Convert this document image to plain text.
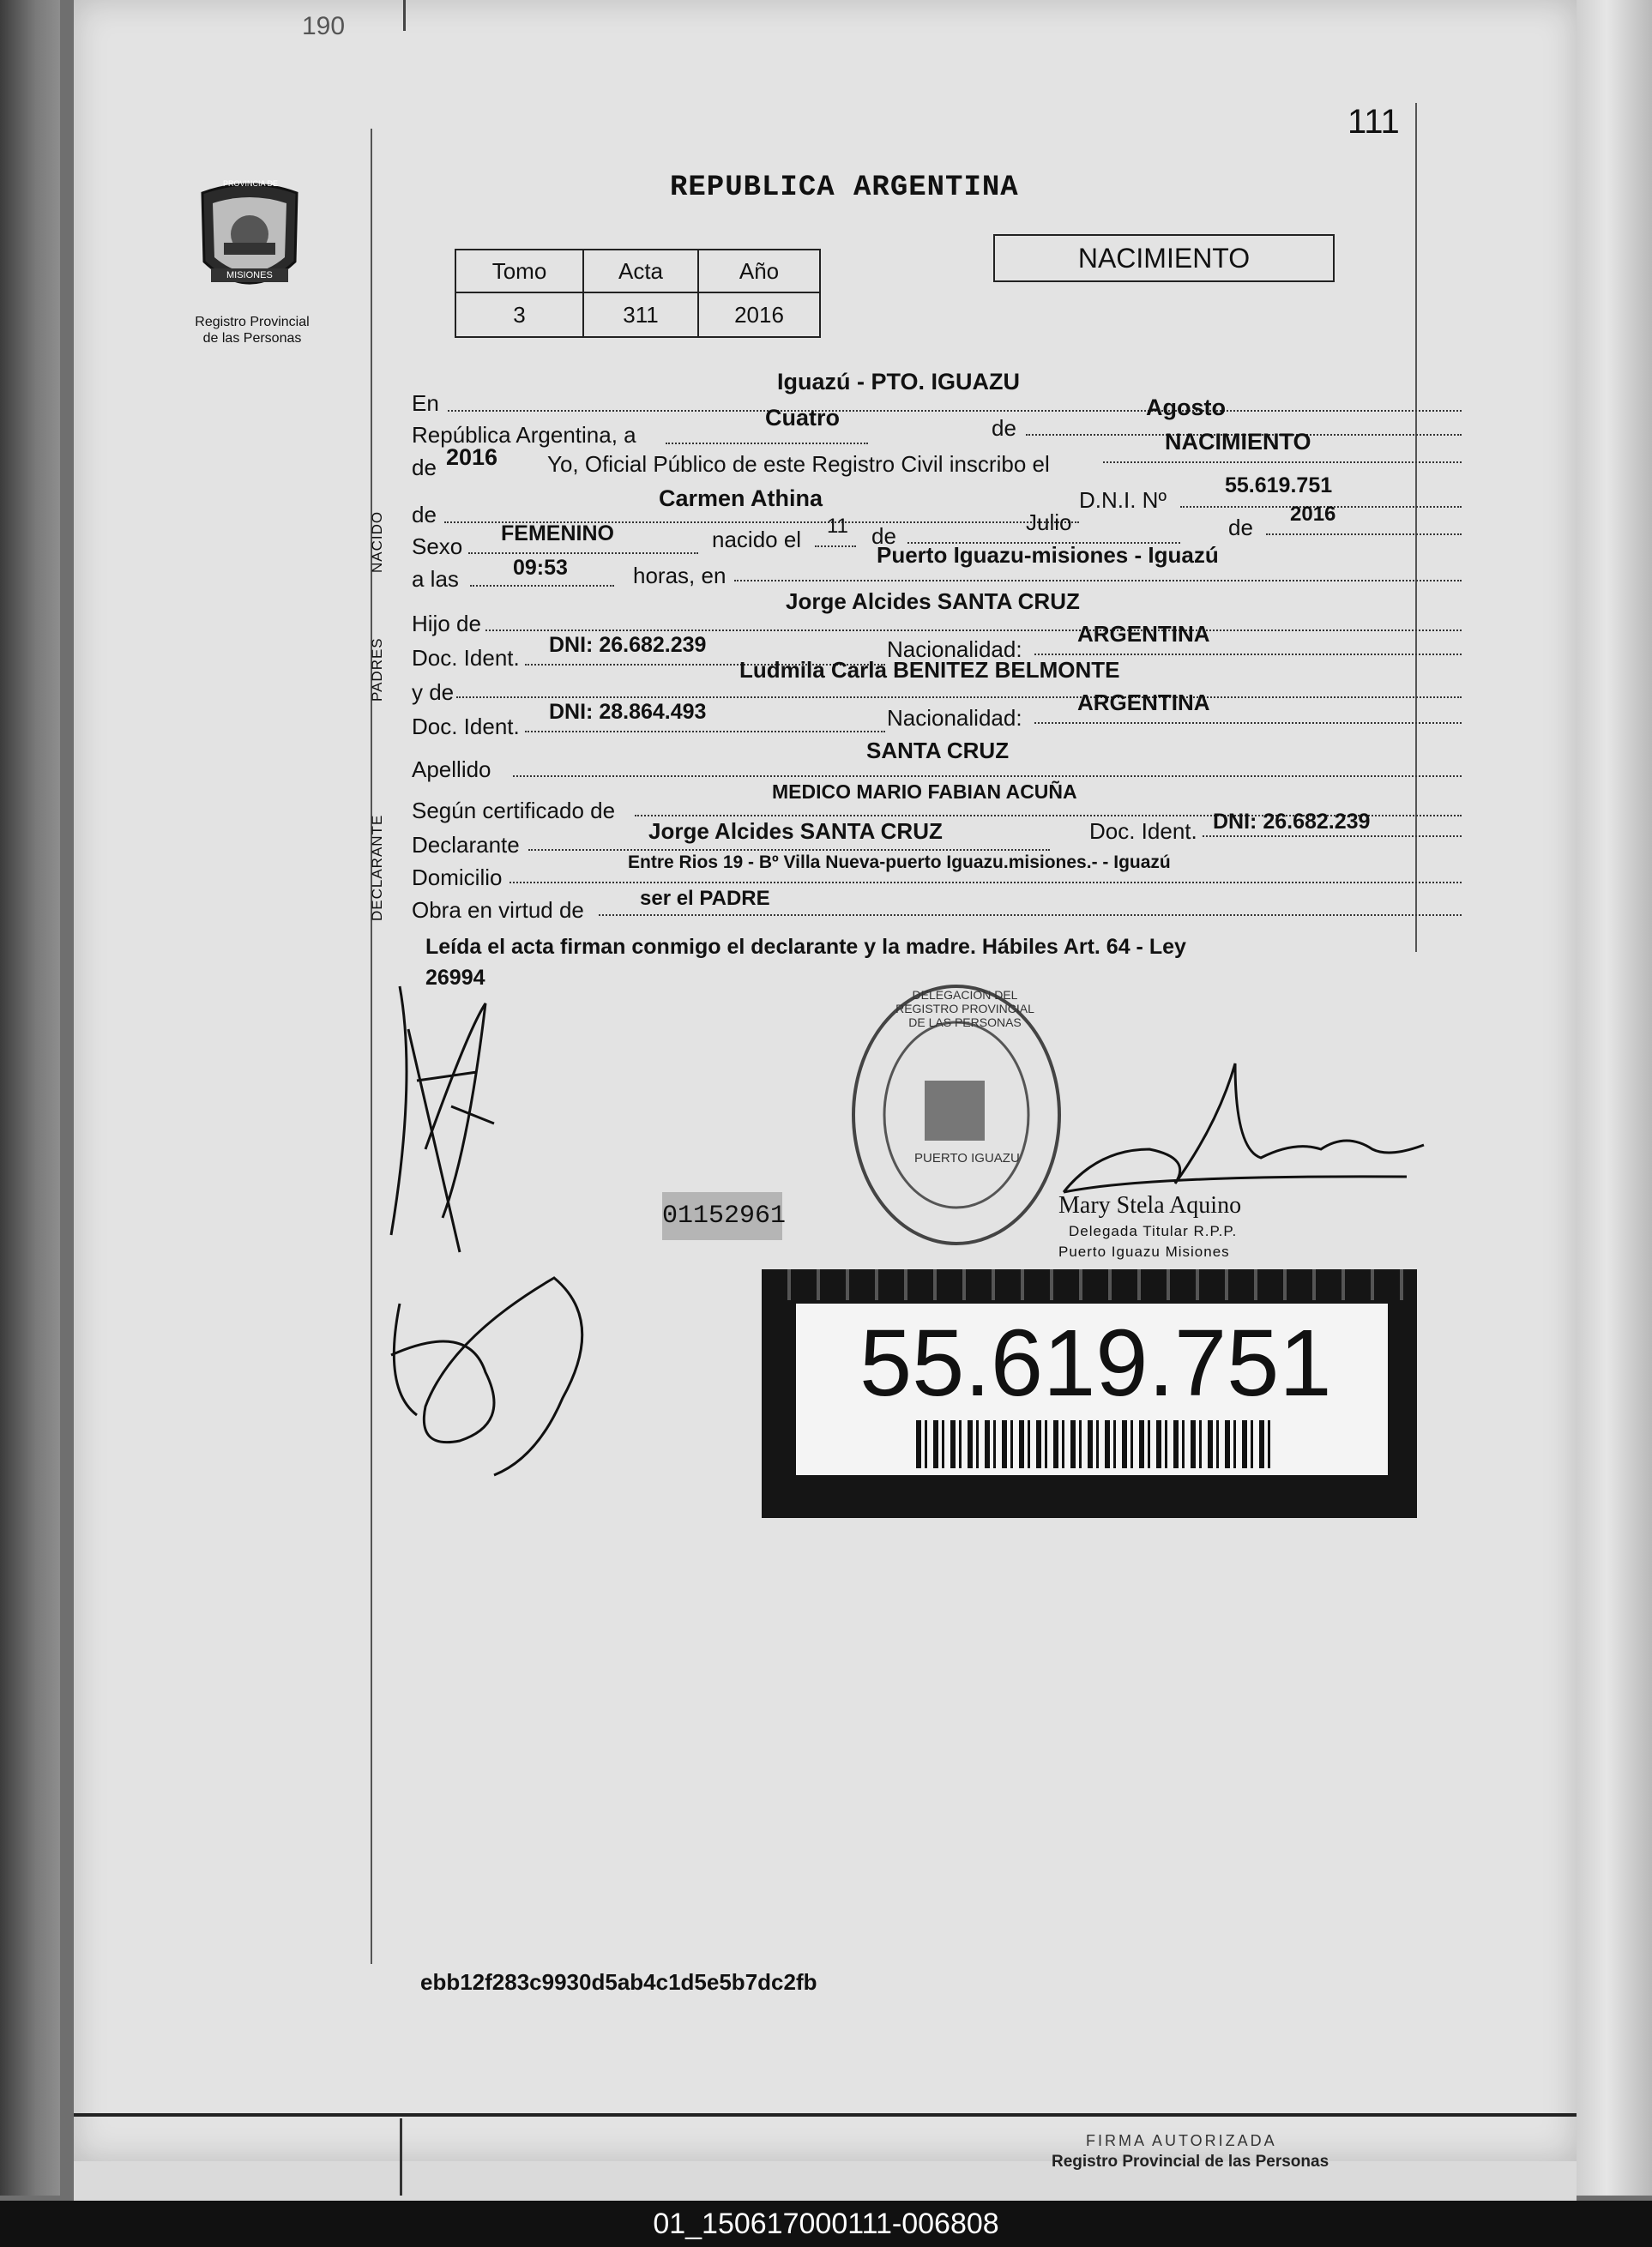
190
111
PROVINCIA DE
MISIONES
Registro Provincial
de las Personas
REPUBLICA ARGENTINA
Tomo	Acta	Año
3	311	2016
NACIMIENTO
En
Iguazú - PTO. IGUAZU
República Argentina, a
Cuatro	de
Agosto
de 2016 Yo, Oficial Público de este Registro Civil inscribo el
NACIMIENTO
NACIDO de
Carmen Athina	D.N.I. Nº
55.619.751
Sexo FEMENINO	nacido el
11 de
Julio	de
2016
a las	09:53	horas, en
Puerto Iguazu-misiones - Iguazú
PADRES
Hijo de
Jorge Alcides SANTA CRUZ
Doc. Ident. DNI: 26.682.239	Nacionalidad:
ARGENTINA
y de
Ludmila Carla BENITEZ BELMONTE
Doc. Ident.
DNI: 28.864.493	Nacionalidad:
ARGENTINA
Apellido
SANTA CRUZ
DECLARANTE
Según certificado de
MEDICO MARIO FABIAN ACUÑA
Declarante
Jorge Alcides SANTA CRUZ	Doc. Ident. DNI: 26.682.239
Domicilio
Entre Rios 19 - Bº Villa Nueva-puerto Iguazu.misiones.- - Iguazú
Obra en virtud de	ser el PADRE
Leída el acta firman conmigo el declarante y la madre. Hábiles Art. 64 - Ley
26994
DELEGACION DEL REGISTRO PROVINCIAL DE LAS PERSONAS
PUERTO IGUAZU
Mary Stela Aquino
Delegada Titular R.P.P.
Puerto Iguazu Misiones
01152961
55.619.751
ebb12f283c9930d5ab4c1d5e5b7dc2fb
FIRMA AUTORIZADA
Registro Provincial de las Personas
01_150617000111-006808
